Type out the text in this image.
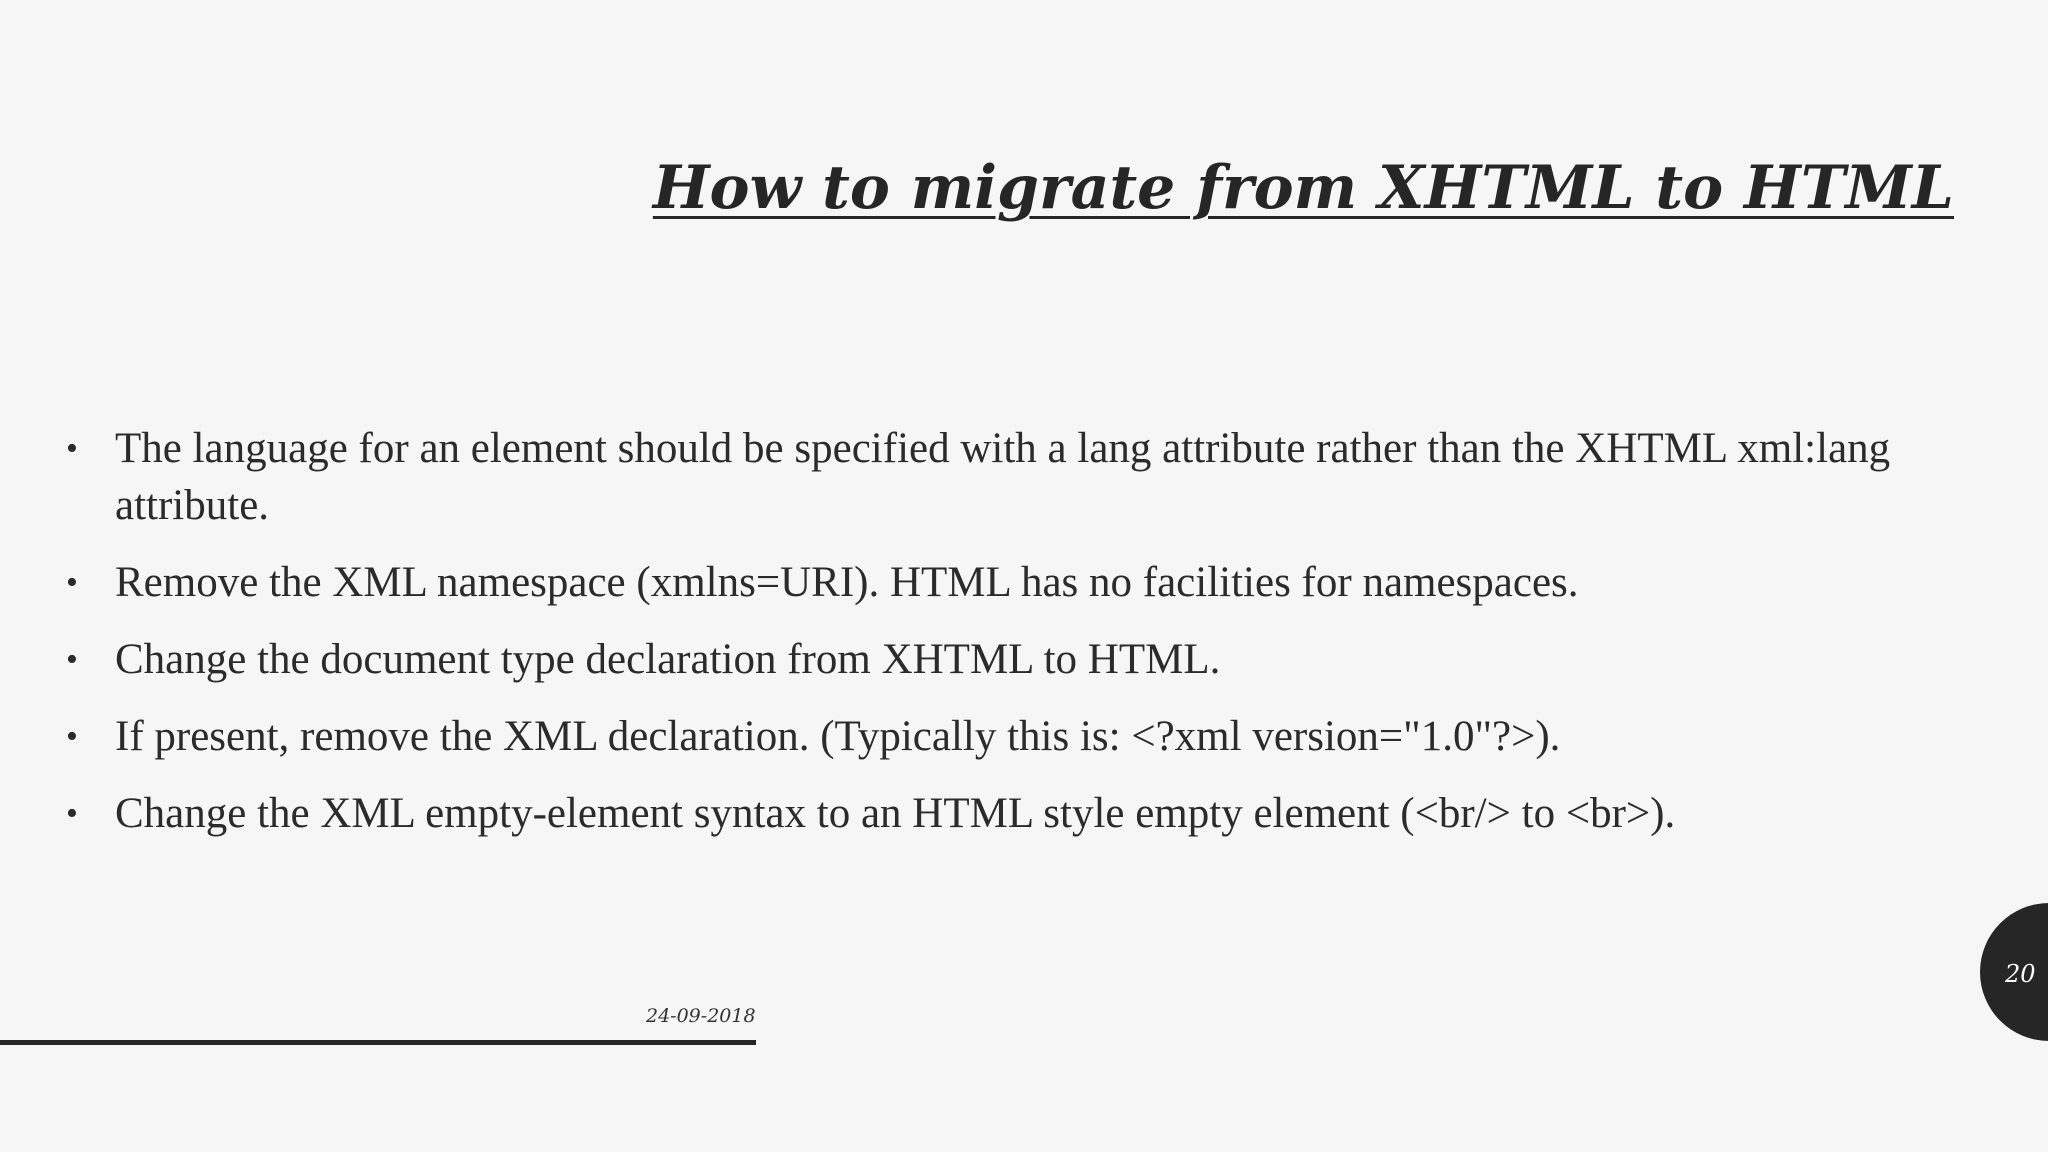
How to migrate from XHTML to HTML
• The language for an element should be specified with a lang attribute rather than the XHTML xml:lang attribute.
• Remove the XML namespace (xmlns=URI). HTML has no facilities for namespaces.
• Change the document type declaration from XHTML to HTML.
• If present, remove the XML declaration. (Typically this is: <?xml version="1.0"?>).
• Change the XML empty-element syntax to an HTML style empty element (<br/> to <br>).
24-09-2018
20
